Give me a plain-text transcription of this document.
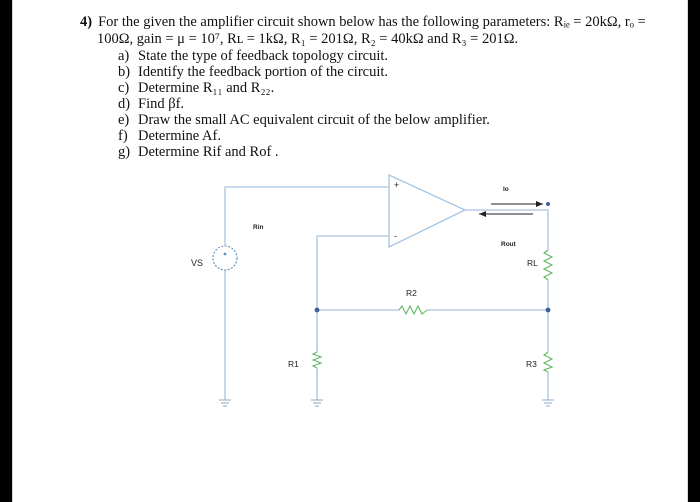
4) For the given the amplifier circuit shown below has the following parameters: Rᵢₑ = 20kΩ, rₒ =
100Ω, gain = μ = 10⁷, Rʟ = 1kΩ, R₁ = 201Ω, R₂ = 40kΩ and R₃ = 201Ω.
a) State the type of feedback topology circuit.
b) Identify the feedback portion of the circuit.
c) Determine R₁₁ and R₂₂.
d) Find βf.
e) Draw the small AC equivalent circuit of the below amplifier.
f) Determine Af.
g) Determine Rif and Rof .
+
-
VS
Rin
Io
Rout
RL
R1
R2
R3
